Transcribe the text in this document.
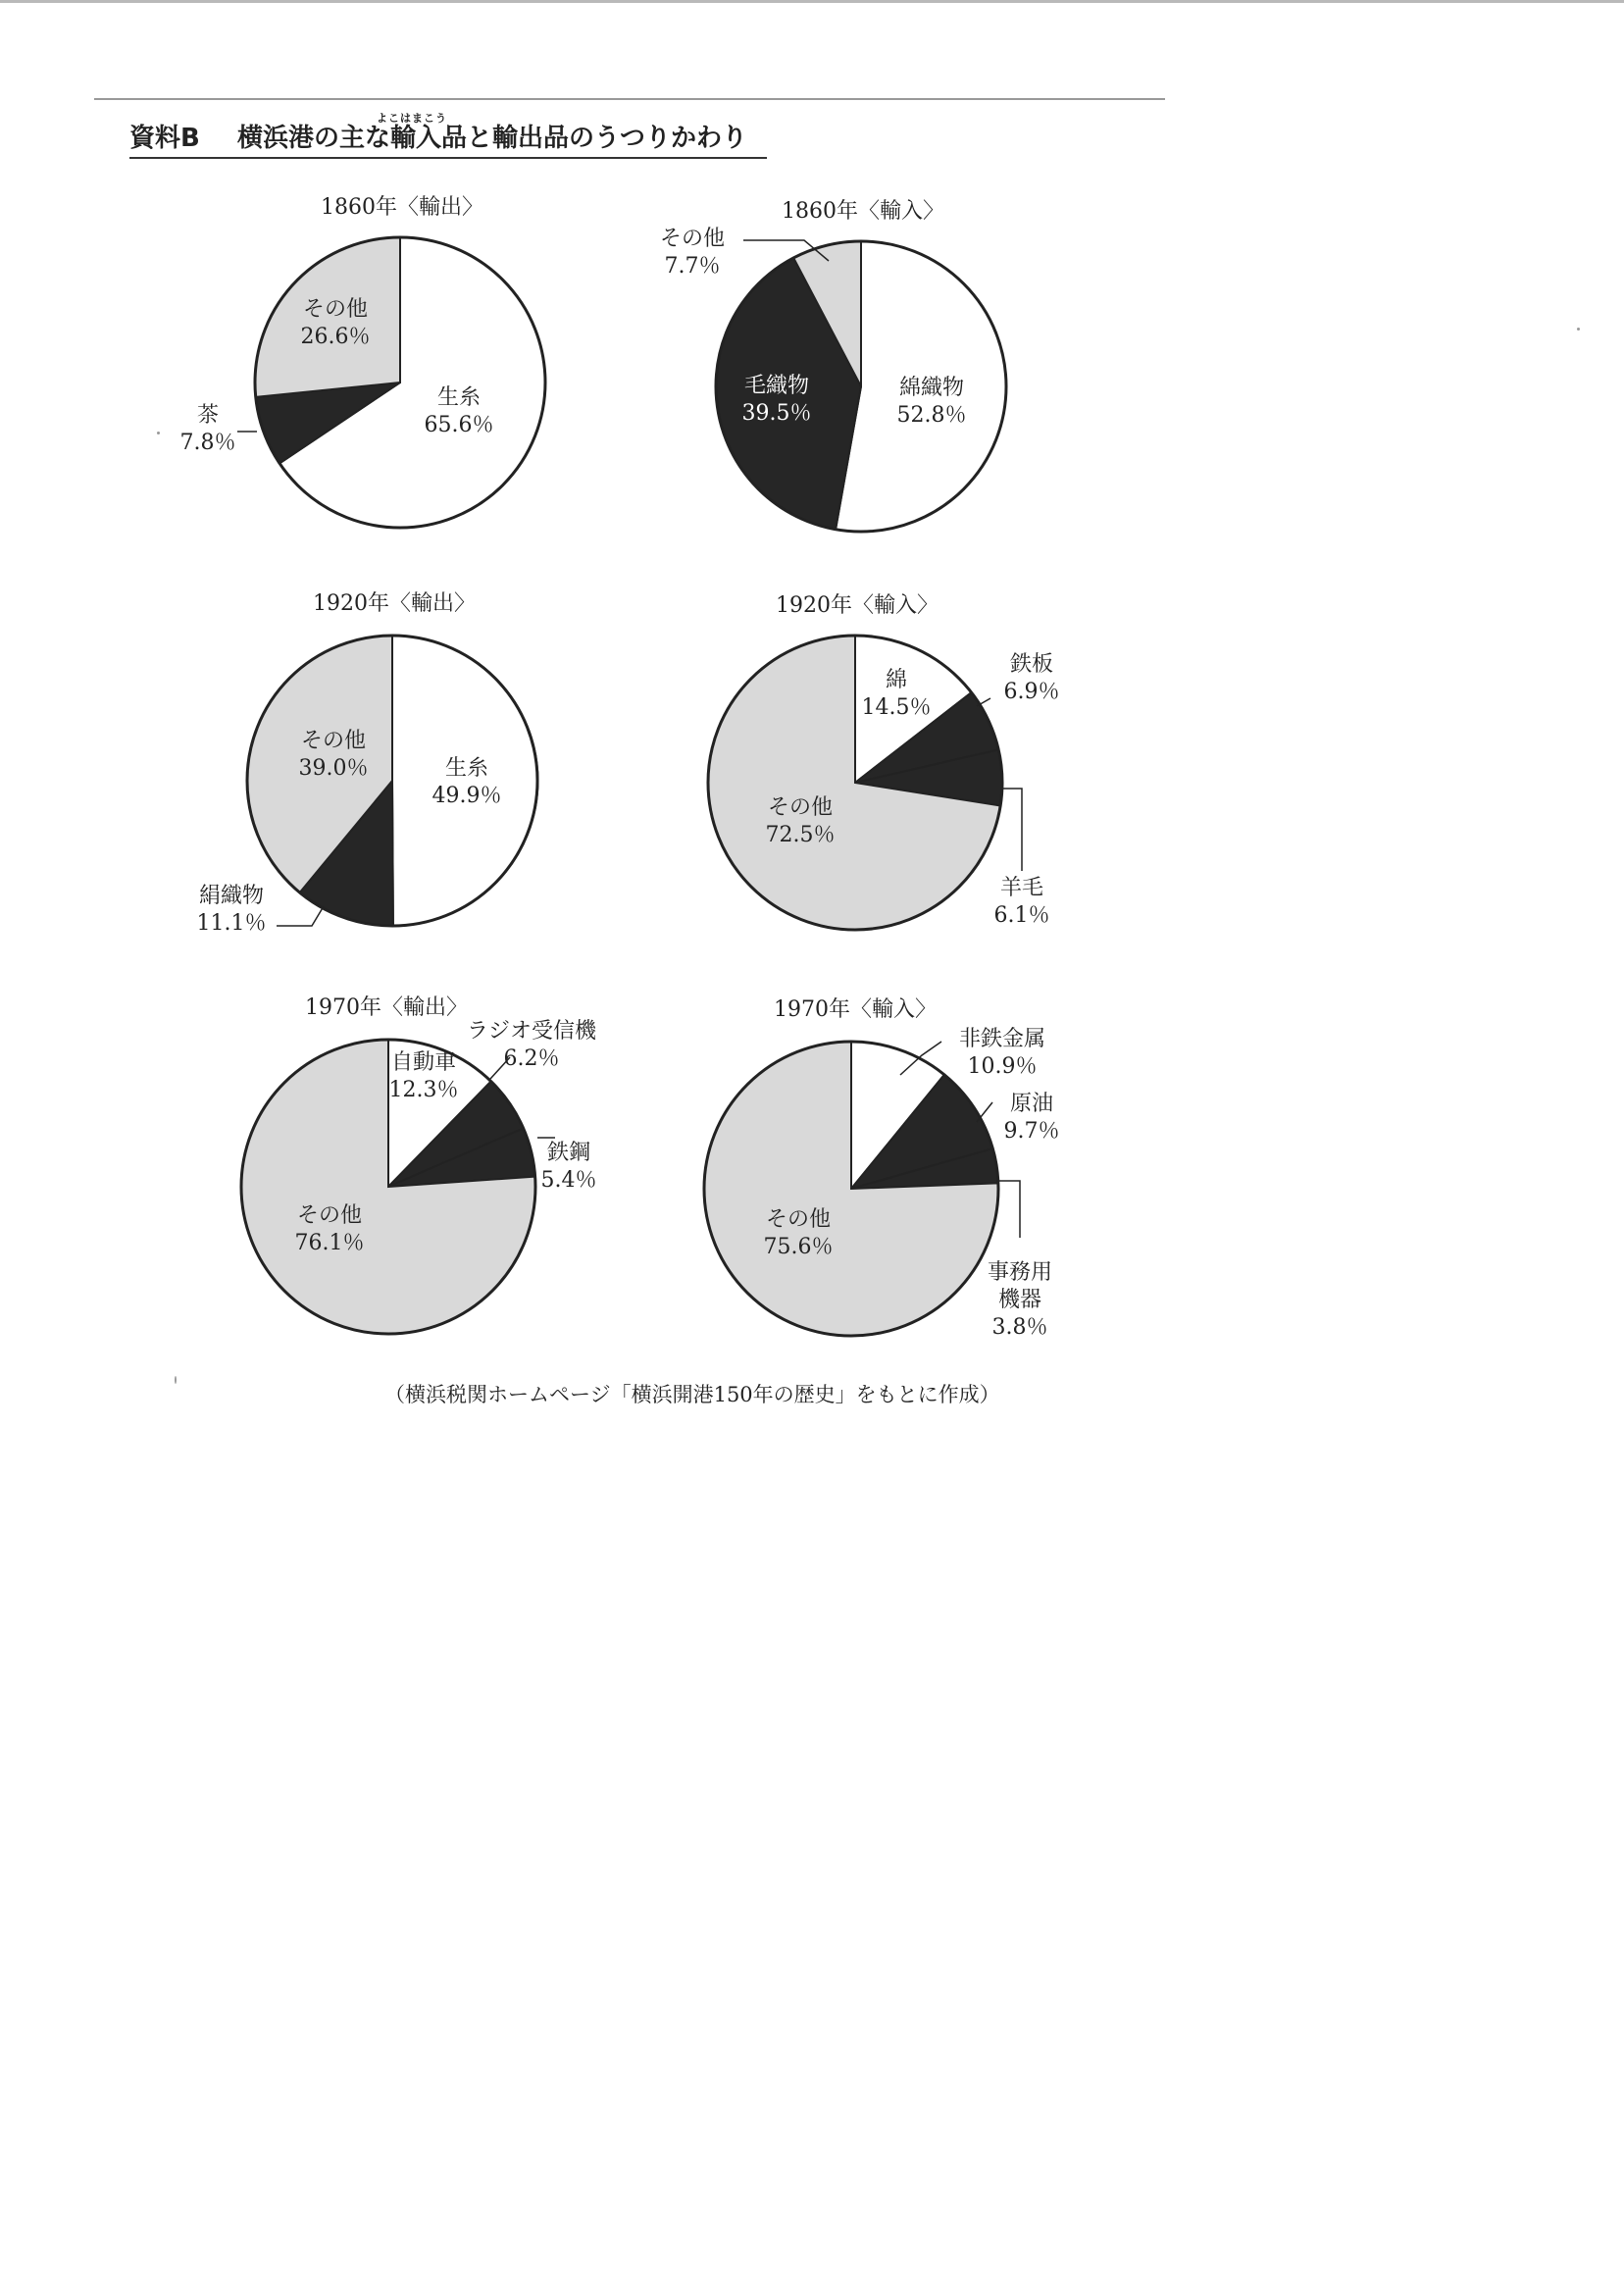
資料B
よこはまこう
横浜港の主な輸入品と輸出品のうつりかわり
1860年〈輸出〉
生糸
65.6％
茶
7.8％
その他
26.6％
1860年〈輸入〉
綿織物
52.8％
毛織物
39.5％
その他
7.7％
1920年〈輸出〉
生糸
49.9％
絹織物
11.1％
その他
39.0％
1920年〈輸入〉
綿
14.5％
鉄板
6.9％
羊毛
6.1％
その他
72.5％
1970年〈輸出〉
自動車
12.3％
ラジオ受信機
6.2％
鉄鋼
5.4％
その他
76.1％
1970年〈輸入〉
非鉄金属
10.9％
原油
9.7％
事務用
機器
3.8％
その他
75.6％
（横浜税関ホームページ「横浜開港150年の歴史」をもとに作成）
